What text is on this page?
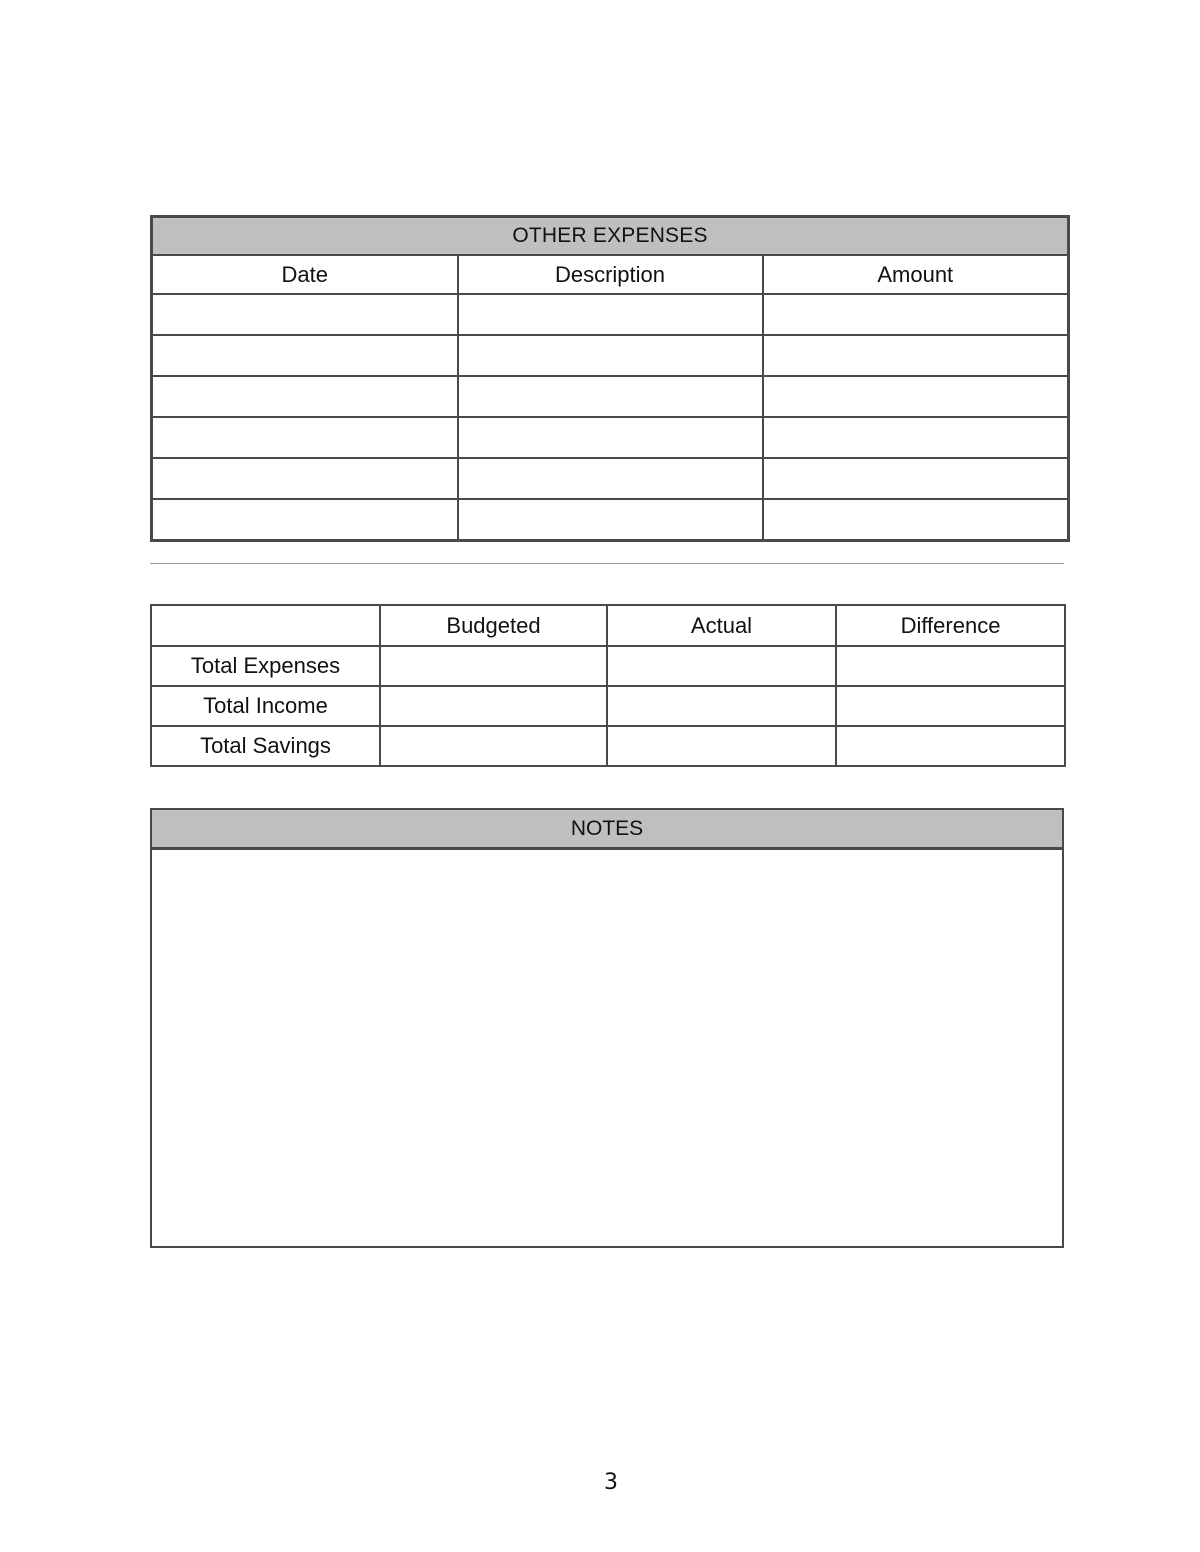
OTHER EXPENSES		
Date	Description	Amount

	Budgeted	Actual	Difference
Total Expenses			
Total Income			
Total Savings			
NOTES
3
